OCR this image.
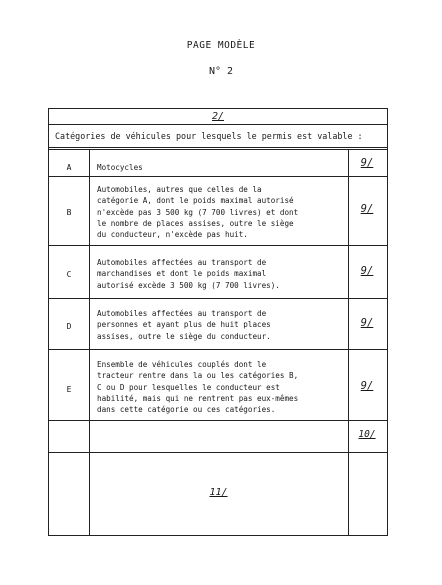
PAGE MODÈLE
N° 2
2/
Catégories de véhicules pour lesquels le permis est valable :
A	Motocycles	9/
B
Automobiles, autres que celles de la
catégorie A, dont le poids maximal autorisé
n'excède pas 3 500 kg (7 700 livres) et dont
le nombre de places assises, outre le siège
du conducteur, n'excède pas huit.
9/
C
Automobiles affectées au transport de
marchandises et dont le poids maximal
autorisé excède 3 500 kg (7 700 livres).
9/
D
Automobiles affectées au transport de
personnes et ayant plus de huit places
assises, outre le siège du conducteur.
9/
E
Ensemble de véhicules couplés dont le
tracteur rentre dans la ou les catégories B,
C ou D pour lesquelles le conducteur est
habilité, mais qui ne rentrent pas eux-mêmes
dans cette catégorie ou ces catégories.
9/
10/
11/
